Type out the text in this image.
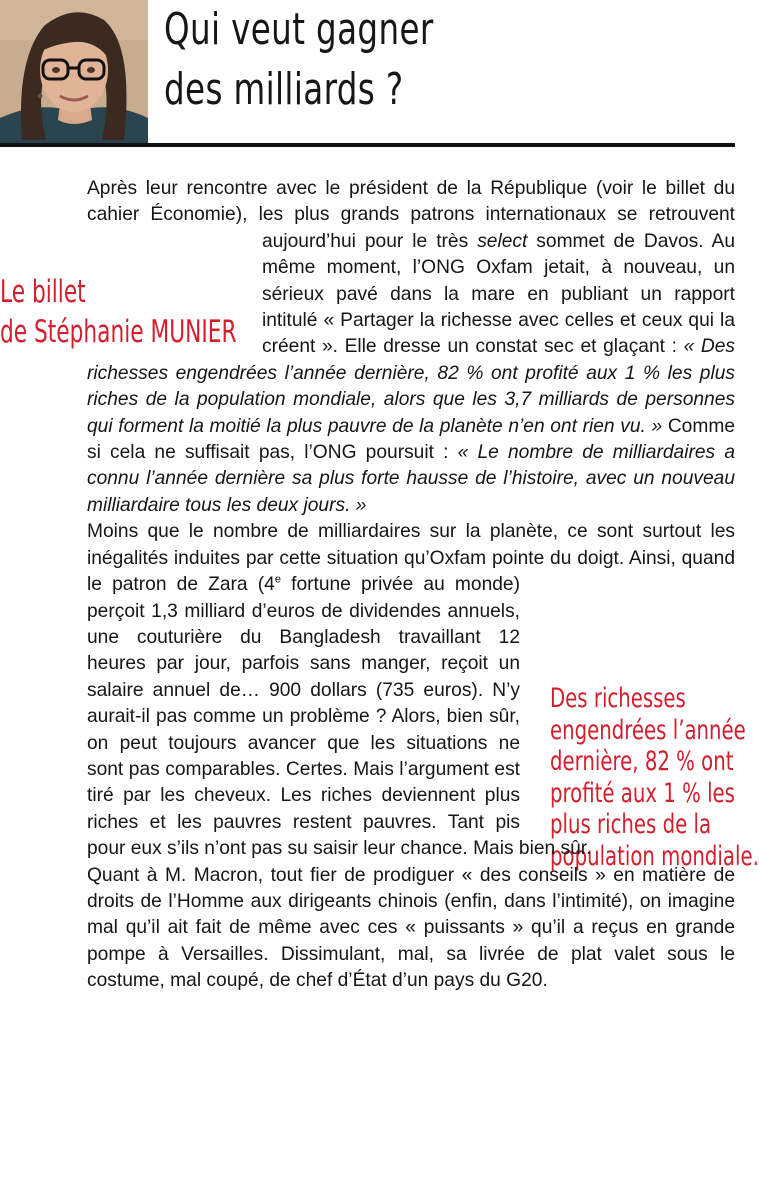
Qui veut gagner
des milliards ?
Le billet
de Stéphanie MUNIER
Des richesses
engendrées l’année
dernière, 82 % ont
profité aux 1 % les
plus riches de la
population mondiale.

Après leur rencontre avec le président de la République (voir le billet du cahier Économie), les plus grands patrons internationaux se retrouvent aujourd’hui pour le très select
sommet de Davos. Au même moment, l’ONG Oxfam jetait, à nouveau, un sérieux pavé dans la mare en publiant un rapport intitulé « Partager la richesse avec celles et ceux qui la créent ». Elle dresse un constat sec et glaçant : « Des richesses engendrées l’année dernière, 82 % ont profité aux 1 % les plus riches de la population mondiale, alors que les 3,7 milliards de personnes qui forment la moitié la plus pauvre de la planète n’en ont rien vu. » Comme si cela ne suffisait pas, l’ONG poursuit : « Le nombre de milliardaires a connu l’année dernière sa plus forte hausse de l’histoire, avec un nouveau milliardaire tous les deux jours. »

Moins que le nombre de milliardaires sur la planète, ce sont surtout les inégalités induites par cette situation qu’Oxfam pointe du doigt. Ainsi, quand le patron de Zara (4e
fortune privée au monde) perçoit 1,3 milliard d’euros de dividendes annuels, une couturière du Bangladesh travaillant 12 heures par jour, parfois sans manger, reçoit un salaire annuel de… 900 dollars (735 euros). N’y aurait-il pas comme un problème ? Alors, bien sûr, on peut toujours avancer que les situations ne sont pas comparables. Certes. Mais l’argument est tiré par les cheveux. Les riches deviennent plus riches et les pauvres restent pauvres. Tant pis pour eux s’ils n’ont pas su saisir leur chance. Mais bien sûr.

Quant à M. Macron, tout fier de prodiguer « des conseils » en matière de droits de l’Homme aux dirigeants chinois (enfin, dans l’intimité), on imagine mal qu’il ait fait de même avec ces « puissants » qu’il a reçus en grande pompe à Versailles. Dissimulant, mal, sa livrée de plat valet sous le costume, mal coupé, de chef d’État d’un pays du G20.
